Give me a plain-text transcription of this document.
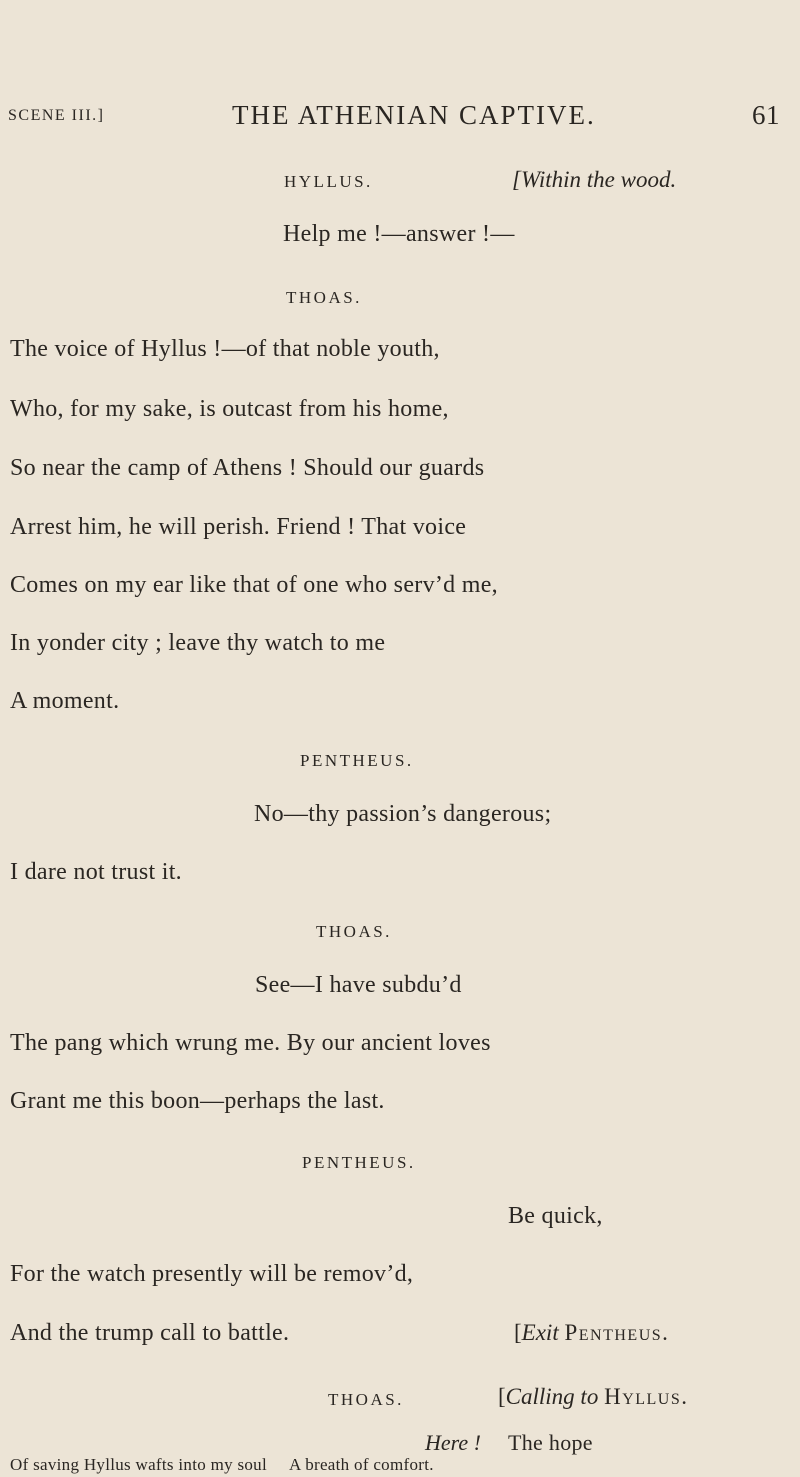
SCENE III.]	THE ATHENIAN CAPTIVE.	61
HYLLUS.	[Within the wood.
Help me !—answer !—
THOAS.
The voice of Hyllus !—of that noble youth,
Who, for my sake, is outcast from his home,
So near the camp of Athens ! Should our guards
Arrest him, he will perish. Friend ! That voice
Comes on my ear like that of one who serv’d me,
In yonder city ; leave thy watch to me
A moment.
PENTHEUS.
No—thy passion’s dangerous;
I dare not trust it.
THOAS.
See—I have subdu’d
The pang which wrung me. By our ancient loves
Grant me this boon—perhaps the last.
PENTHEUS.
Be quick,
For the watch presently will be remov’d,
And the trump call to battle.	[Exit Pentheus.
THOAS.	[Calling to Hyllus.
Here ! The hope
Of saving Hyllus wafts into my soul A breath of comfort.
